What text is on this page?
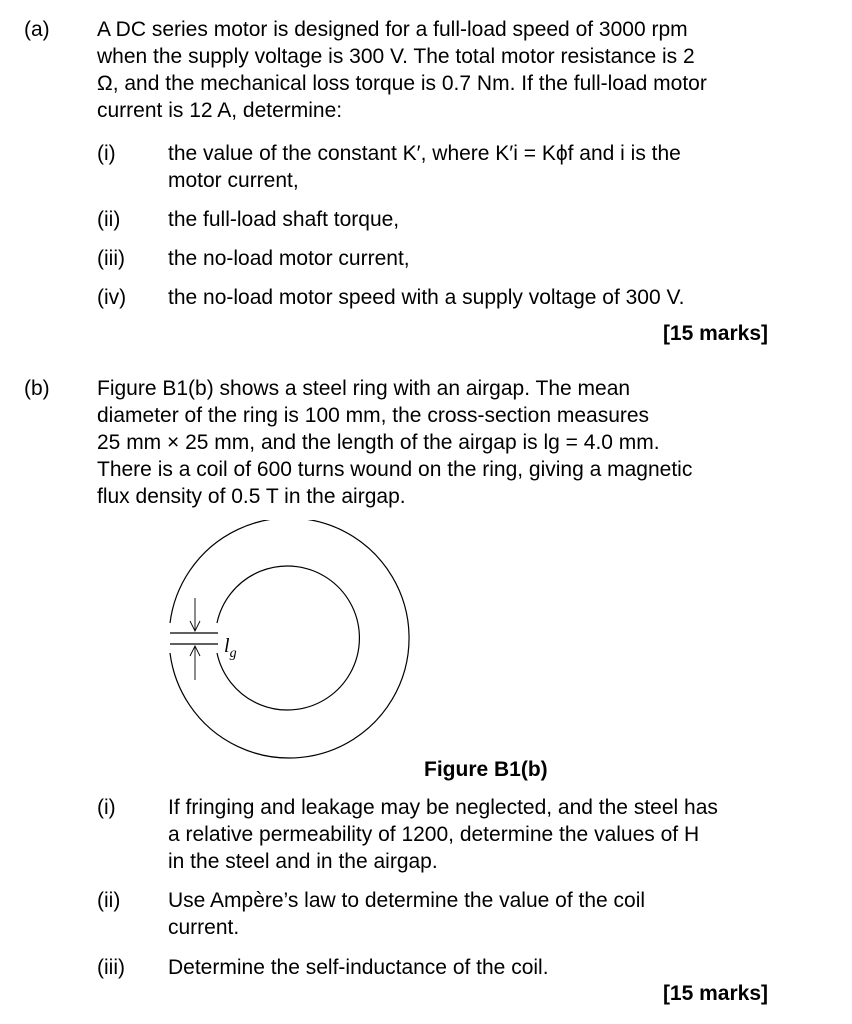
(a) A DC series motor is designed for a full-load speed of 3000 rpm
when the supply voltage is 300 V. The total motor resistance is 2
Ω, and the mechanical loss torque is 0.7 Nm. If the full-load motor
current is 12 A, determine:
(i) the value of the constant K′, where K′i = Kϕf and i is the
motor current,
(ii) the full-load shaft torque,
(iii) the no-load motor current,
(iv) the no-load motor speed with a supply voltage of 300 V.
[15 marks]
(b) Figure B1(b) shows a steel ring with an airgap. The mean
diameter of the ring is 100 mm, the cross-section measures
25 mm × 25 mm, and the length of the airgap is lg = 4.0 mm.
There is a coil of 600 turns wound on the ring, giving a magnetic
flux density of 0.5 T in the airgap.
$l_g$
Figure B1(b)
(i) If fringing and leakage may be neglected, and the steel has
a relative permeability of 1200, determine the values of H
in the steel and in the airgap.
(ii) Use Ampère’s law to determine the value of the coil
current.
(iii) Determine the self-inductance of the coil.
[15 marks]
